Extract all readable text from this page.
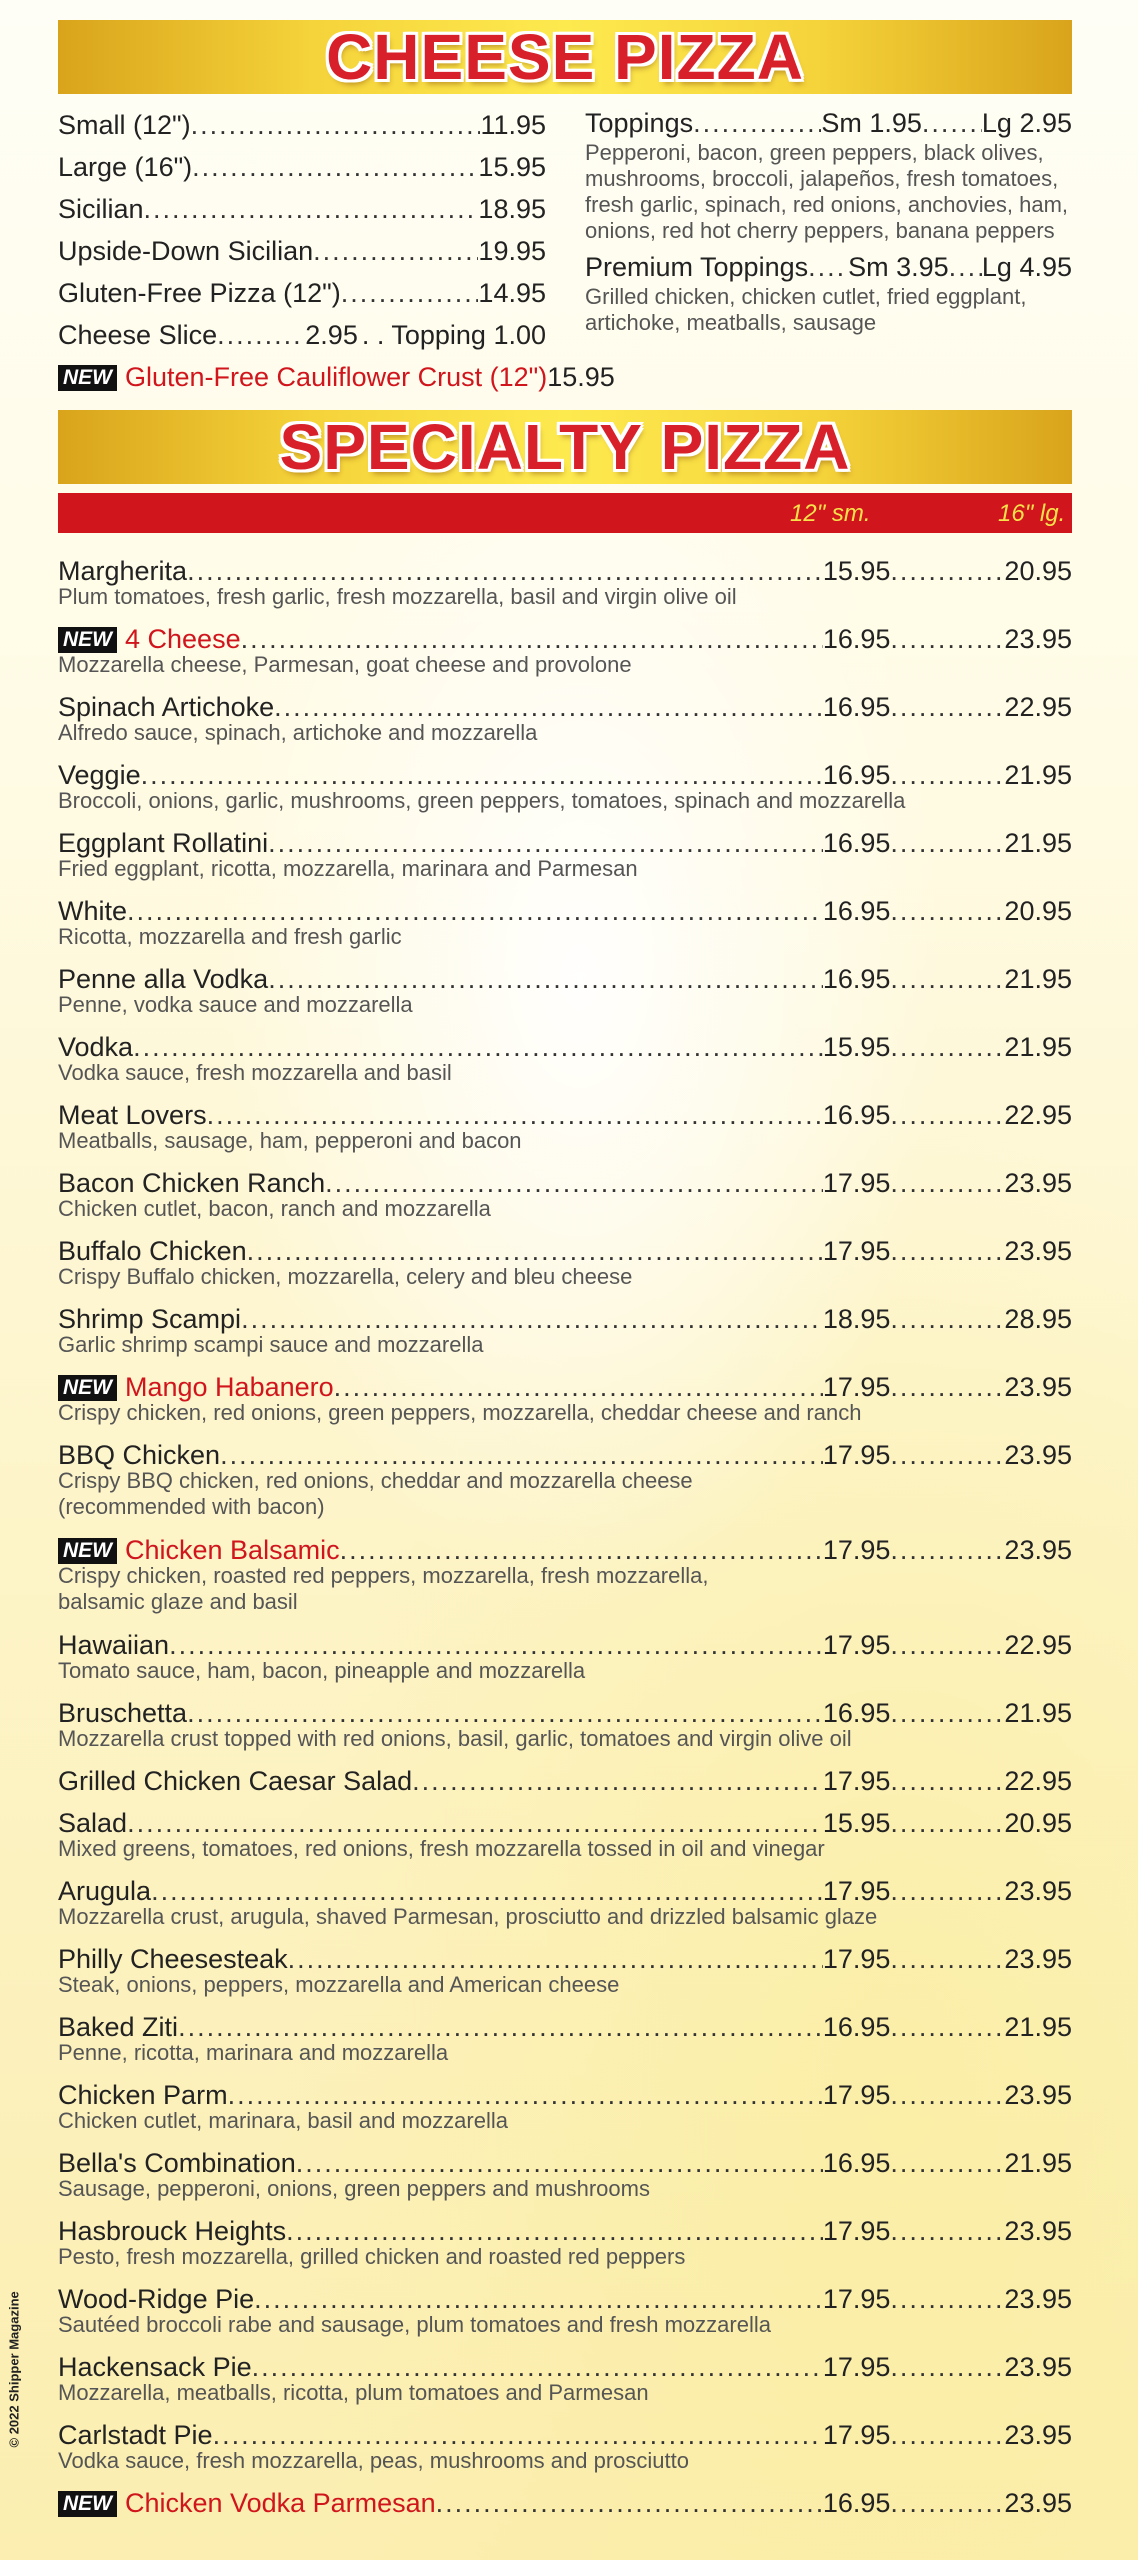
CHEESE PIZZA
Small (12") .....	11.95
Large (16") .....	15.95
Sicilian .....	18.95
Upside-Down Sicilian .....	19.95
Gluten-Free Pizza (12") .....	14.95
Cheese Slice .....	2.95 . . Topping 1.00
NEW Gluten-Free Cauliflower Crust (12") 15.95
Toppings .....	Sm 1.95 ..... Lg 2.95
Pepperoni, bacon, green peppers, black olives, mushrooms, broccoli, jalapeños, fresh tomatoes, fresh garlic, spinach, red onions, anchovies, ham, onions, red hot cherry peppers, banana peppers
Premium Toppings ..... Sm 3.95 ..... Lg 4.95
Grilled chicken, chicken cutlet, fried eggplant, artichoke, meatballs, sausage
SPECIALTY PIZZA
12" sm.	16" lg.
Margherita .....	15.95 .....	20.95
Plum tomatoes, fresh garlic, fresh mozzarella, basil and virgin olive oil
NEW 4 Cheese .....	16.95 .....	23.95
Mozzarella cheese, Parmesan, goat cheese and provolone
Spinach Artichoke .....	16.95 .....	22.95
Alfredo sauce, spinach, artichoke and mozzarella
Veggie .....	16.95 .....	21.95
Broccoli, onions, garlic, mushrooms, green peppers, tomatoes, spinach and mozzarella
Eggplant Rollatini .....	16.95 .....	21.95
Fried eggplant, ricotta, mozzarella, marinara and Parmesan
White .....	16.95 .....	20.95
Ricotta, mozzarella and fresh garlic
Penne alla Vodka .....	16.95 .....	21.95
Penne, vodka sauce and mozzarella
Vodka .....	15.95 .....	21.95
Vodka sauce, fresh mozzarella and basil
Meat Lovers .....	16.95 .....	22.95
Meatballs, sausage, ham, pepperoni and bacon
Bacon Chicken Ranch .....	17.95 .....	23.95
Chicken cutlet, bacon, ranch and mozzarella
Buffalo Chicken .....	17.95 .....	23.95
Crispy Buffalo chicken, mozzarella, celery and bleu cheese
Shrimp Scampi .....	18.95 .....	28.95
Garlic shrimp scampi sauce and mozzarella
NEW Mango Habanero .....	17.95 .....	23.95
Crispy chicken, red onions, green peppers, mozzarella, cheddar cheese and ranch
BBQ Chicken .....	17.95 .....	23.95
Crispy BBQ chicken, red onions, cheddar and mozzarella cheese
(recommended with bacon)
NEW Chicken Balsamic .....	17.95 .....	23.95
Crispy chicken, roasted red peppers, mozzarella, fresh mozzarella,
balsamic glaze and basil
Hawaiian .....	17.95 .....	22.95
Tomato sauce, ham, bacon, pineapple and mozzarella
Bruschetta .....	16.95 .....	21.95
Mozzarella crust topped with red onions, basil, garlic, tomatoes and virgin olive oil
Grilled Chicken Caesar Salad .....	17.95 .....	22.95
Salad .....	15.95 .....	20.95
Mixed greens, tomatoes, red onions, fresh mozzarella tossed in oil and vinegar
Arugula .....	17.95 .....	23.95
Mozzarella crust, arugula, shaved Parmesan, prosciutto and drizzled balsamic glaze
Philly Cheesesteak .....	17.95 .....	23.95
Steak, onions, peppers, mozzarella and American cheese
Baked Ziti .....	16.95 .....	21.95
Penne, ricotta, marinara and mozzarella
Chicken Parm .....	17.95 .....	23.95
Chicken cutlet, marinara, basil and mozzarella
Bella's Combination .....	16.95 .....	21.95
Sausage, pepperoni, onions, green peppers and mushrooms
Hasbrouck Heights .....	17.95 .....	23.95
Pesto, fresh mozzarella, grilled chicken and roasted red peppers
Wood-Ridge Pie .....	17.95 .....	23.95
Sautéed broccoli rabe and sausage, plum tomatoes and fresh mozzarella
Hackensack Pie .....	17.95 .....	23.95
Mozzarella, meatballs, ricotta, plum tomatoes and Parmesan
Carlstadt Pie .....	17.95 .....	23.95
Vodka sauce, fresh mozzarella, peas, mushrooms and prosciutto
NEW Chicken Vodka Parmesan .....	16.95 .....	23.95
© 2022 Shipper Magazine
